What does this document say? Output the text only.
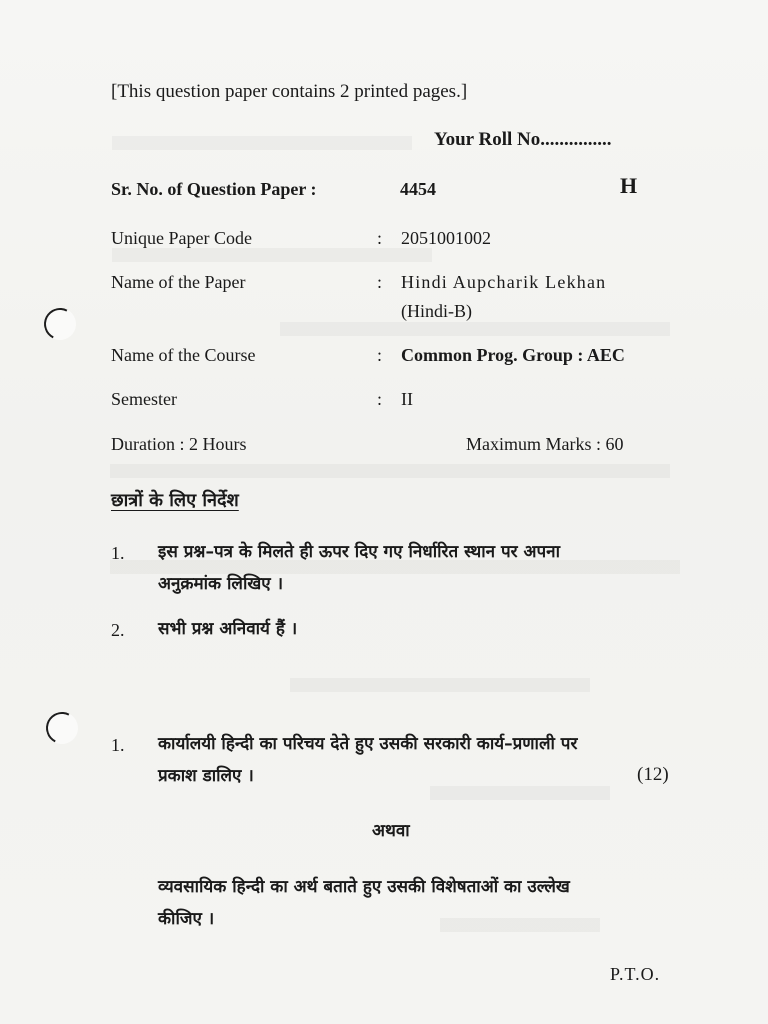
[This question paper contains 2 printed pages.]
Your Roll No...............
Sr. No. of Question Paper :	4454	H
Unique Paper Code	: 2051001002
Name of the Paper	: Hindi Aupcharik Lekhan
(Hindi-B)
Name of the Course	: Common Prog. Group : AEC
Semester	: II
Duration : 2 Hours	Maximum Marks : 60
छात्रों के लिए निर्देश
1. इस प्रश्न–पत्र के मिलते ही ऊपर दिए गए निर्धारित स्थान पर अपना
अनुक्रमांक लिखिए ।
2. सभी प्रश्न अनिवार्य हैं ।
1. कार्यालयी हिन्दी का परिचय देते हुए उसकी सरकारी कार्य–प्रणाली पर
प्रकाश डालिए ।	(12)
अथवा
व्यवसायिक हिन्दी का अर्थ बताते हुए उसकी विशेषताओं का उल्लेख
कीजिए ।
P.T.O.
